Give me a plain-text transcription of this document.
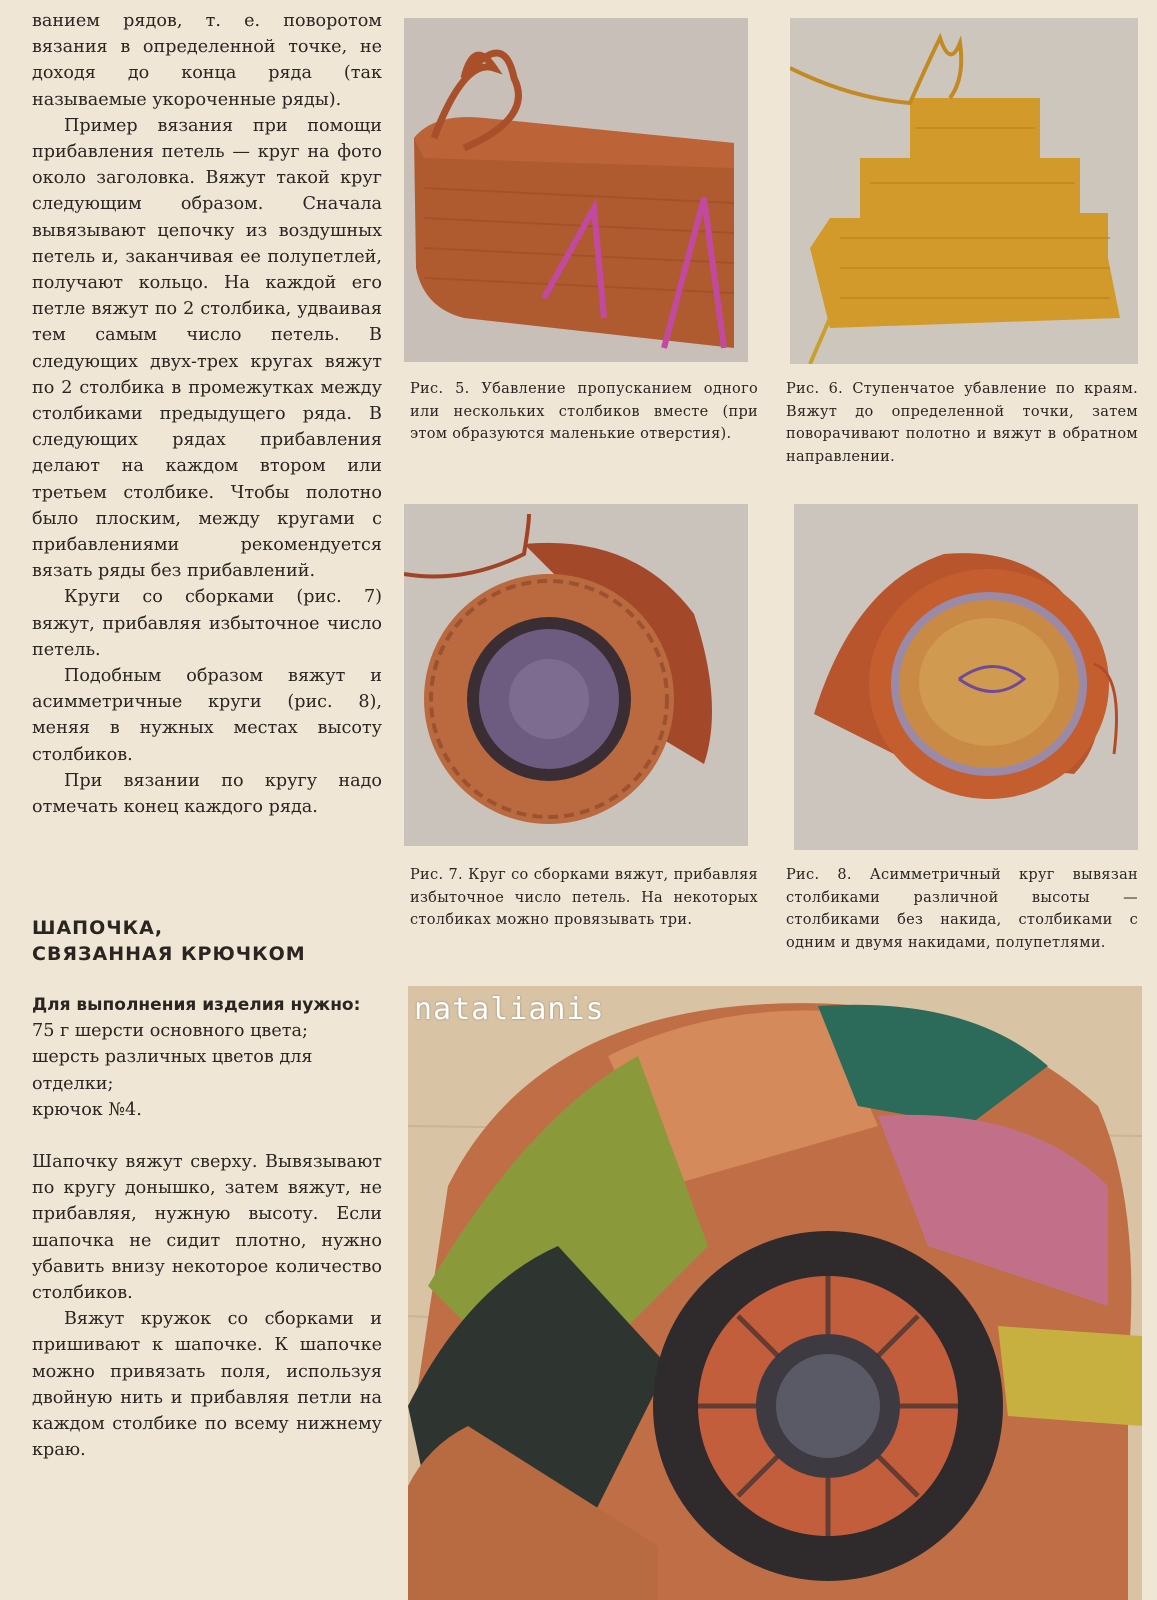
ванием рядов, т. е. поворотом вязания в определенной точке, не доходя до конца ряда (так называемые укороченные ряды).

Пример вязания при помощи прибавления петель — круг на фото около заголовка. Вяжут такой круг следующим образом. Сначала вывязывают цепочку из воздушных петель и, заканчивая ее полупетлей, получают кольцо. На каждой его петле вяжут по 2 столбика, удваивая тем самым число петель. В следующих двух-трех кругах вяжут по 2 столбика в промежутках между столбиками предыдущего ряда. В следующих рядах прибавления делают на каждом втором или третьем столбике. Чтобы полотно было плоским, между кругами с прибавлениями рекомендуется вязать ряды без прибавлений.

Круги со сборками (рис. 7) вяжут, прибавляя избыточное число петель.

Подобным образом вяжут и асимметричные круги (рис. 8), меняя в нужных местах высоту столбиков.

При вязании по кругу надо отмечать конец каждого ряда.

ШАПОЧКА,
СВЯЗАННАЯ КРЮЧКОМ
Для выполнения изделия нужно:
75 г шерсти основного цвета;
шерсть различных цветов для отделки;
крючок №4.

Шапочку вяжут сверху. Вывязывают по кругу донышко, затем вяжут, не прибавляя, нужную высоту. Если шапочка не сидит плотно, нужно убавить внизу некоторое количество столбиков.

Вяжут кружок со сборками и пришивают к шапочке. К шапочке можно привязать поля, используя двойную нить и прибавляя петли на каждом столбике по всему нижнему краю.

Рис. 5. Убавление пропусканием одного или нескольких столбиков вместе (при этом образуются маленькие отверстия).
Рис. 6. Ступенчатое убавление по краям. Вяжут до определенной точки, затем поворачивают полотно и вяжут в обратном направлении.
Рис. 7. Круг со сборками вяжут, прибавляя избыточное число петель. На некоторых столбиках можно провязывать три.
Рис. 8. Асимметричный круг вывязан столбиками различной высоты — столбиками без накида, столбиками с одним и двумя накидами, полупетлями.
natalianis
